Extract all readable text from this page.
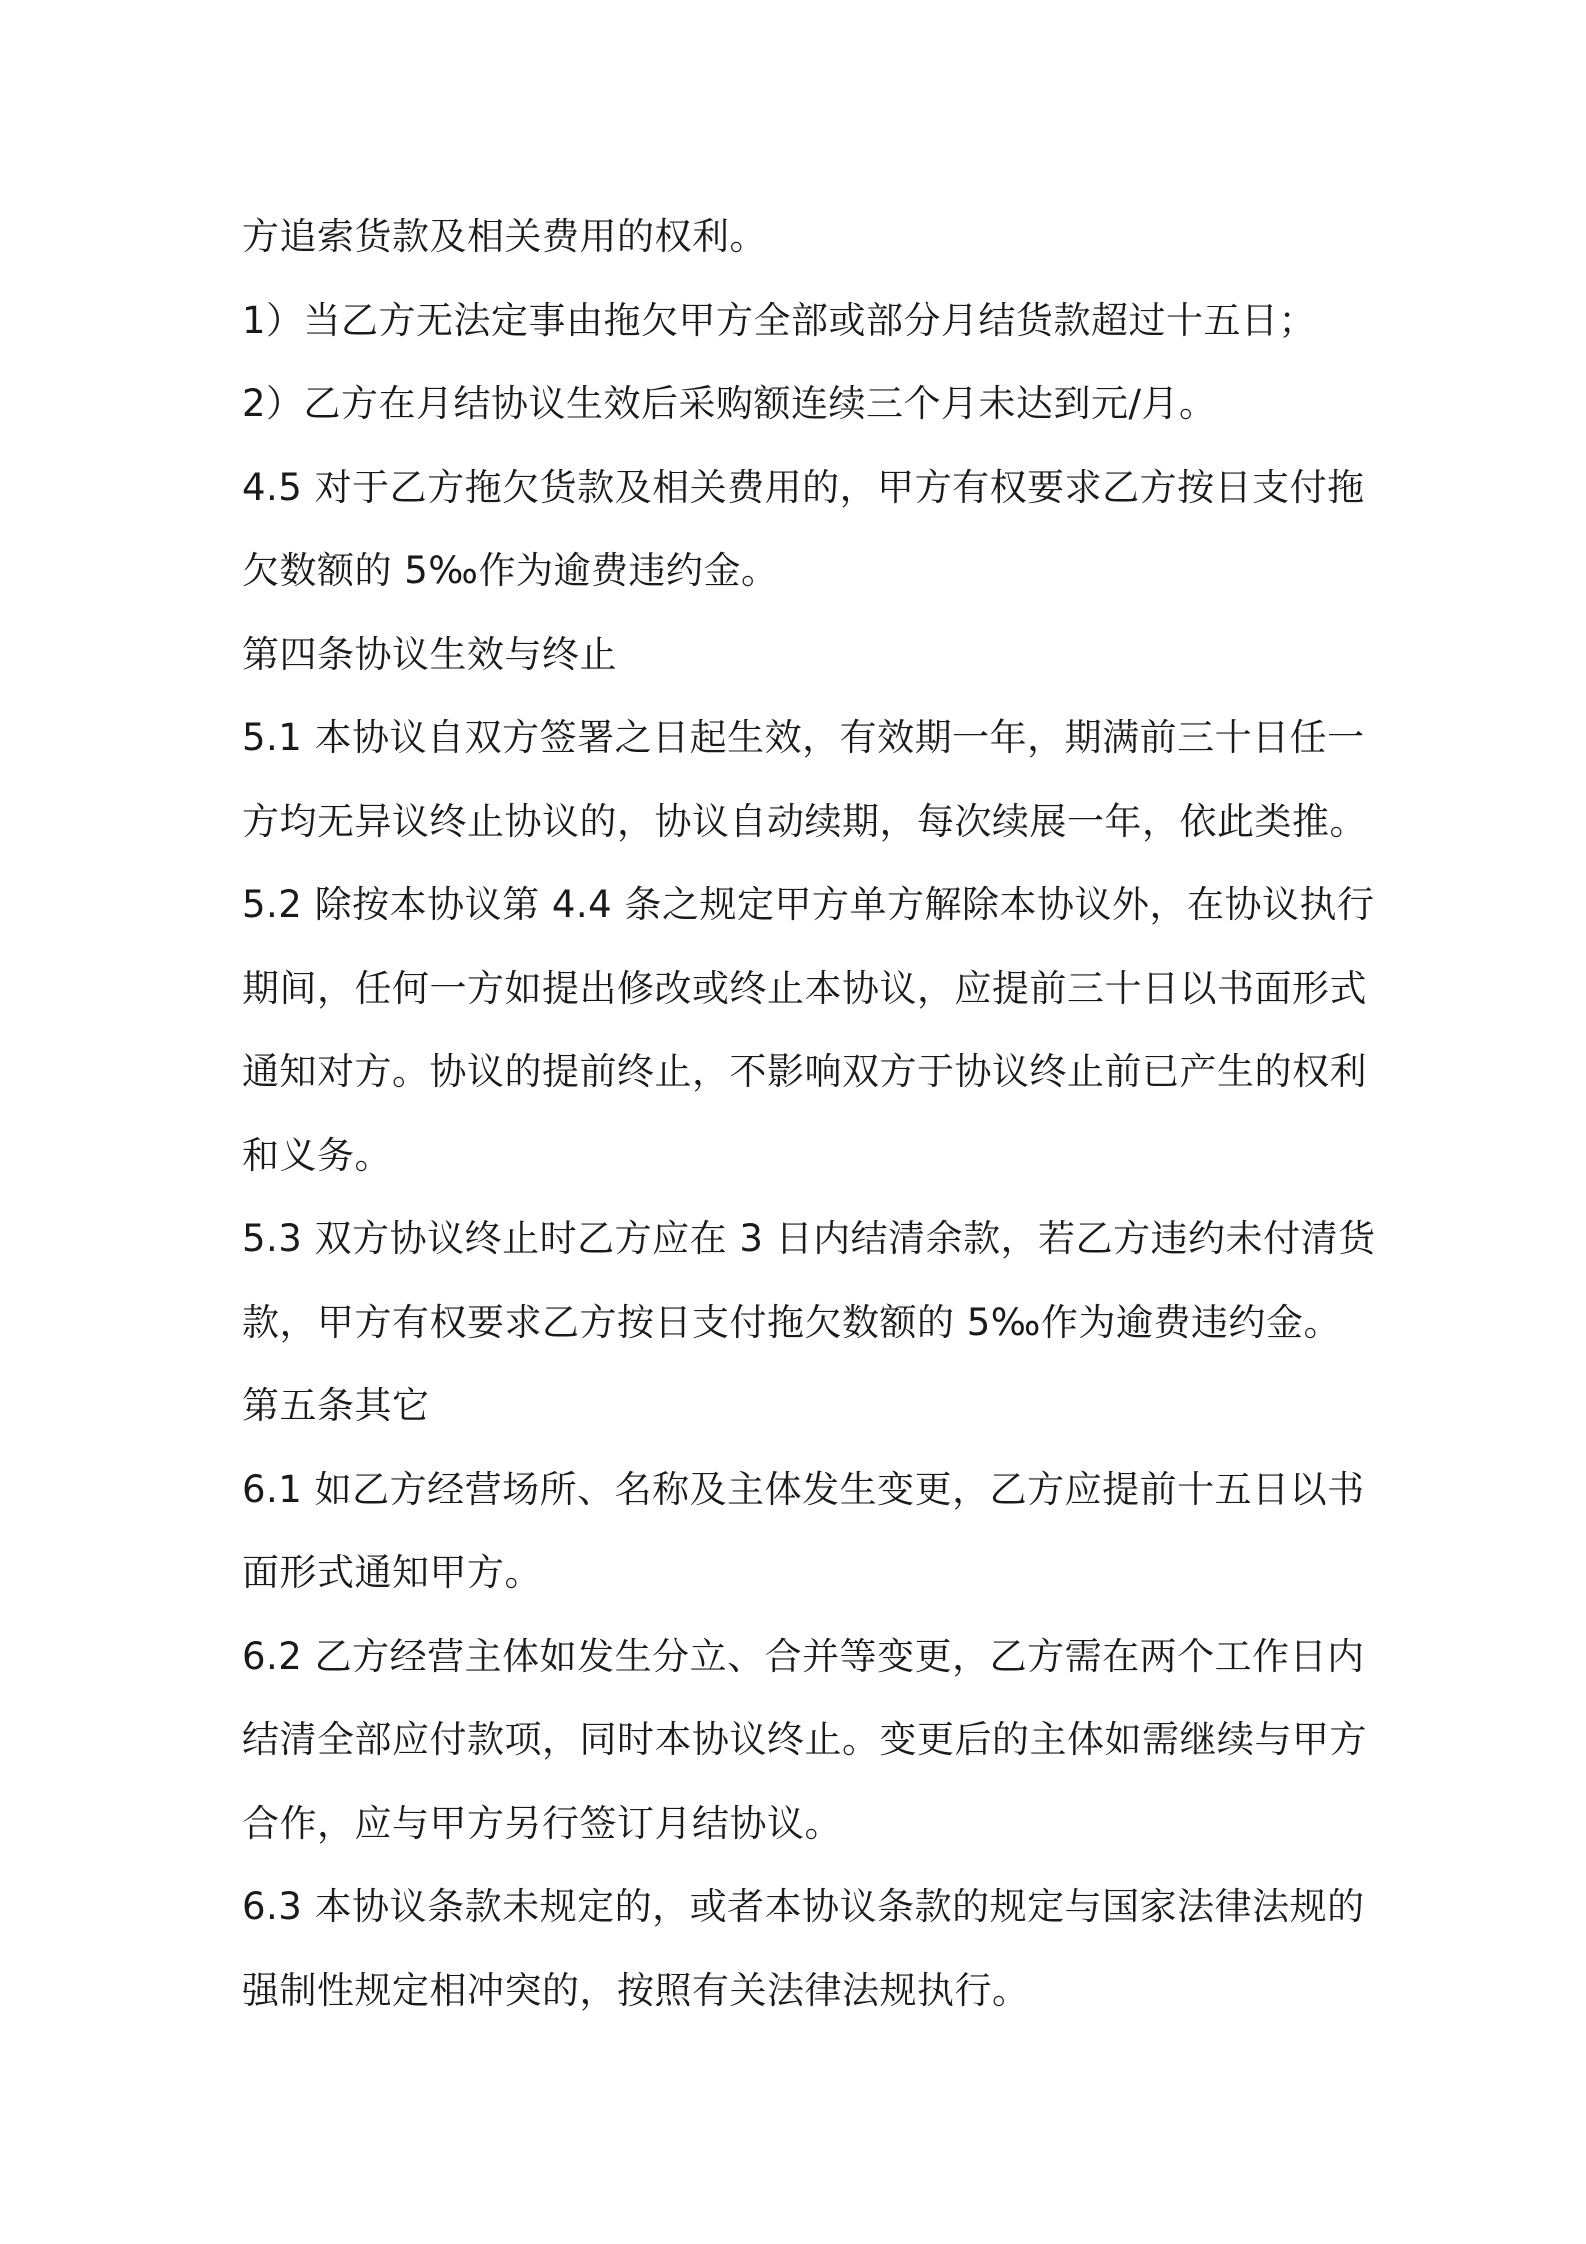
方追索货款及相关费用的权利。
1）当乙方无法定事由拖欠甲方全部或部分月结货款超过十五日；
2）乙方在月结协议生效后采购额连续三个月未达到元/月。
4.5 对于乙方拖欠货款及相关费用的，甲方有权要求乙方按日支付拖
欠数额的 5‰作为逾费违约金。
第四条协议生效与终止
5.1 本协议自双方签署之日起生效，有效期一年，期满前三十日任一
方均无异议终止协议的，协议自动续期，每次续展一年，依此类推。
5.2 除按本协议第 4.4 条之规定甲方单方解除本协议外，在协议执行
期间，任何一方如提出修改或终止本协议，应提前三十日以书面形式
通知对方。协议的提前终止，不影响双方于协议终止前已产生的权利
和义务。
5.3 双方协议终止时乙方应在 3 日内结清余款，若乙方违约未付清货
款，甲方有权要求乙方按日支付拖欠数额的 5‰作为逾费违约金。
第五条其它
6.1 如乙方经营场所、名称及主体发生变更，乙方应提前十五日以书
面形式通知甲方。
6.2 乙方经营主体如发生分立、合并等变更，乙方需在两个工作日内
结清全部应付款项，同时本协议终止。变更后的主体如需继续与甲方
合作，应与甲方另行签订月结协议。
6.3 本协议条款未规定的，或者本协议条款的规定与国家法律法规的
强制性规定相冲突的，按照有关法律法规执行。
